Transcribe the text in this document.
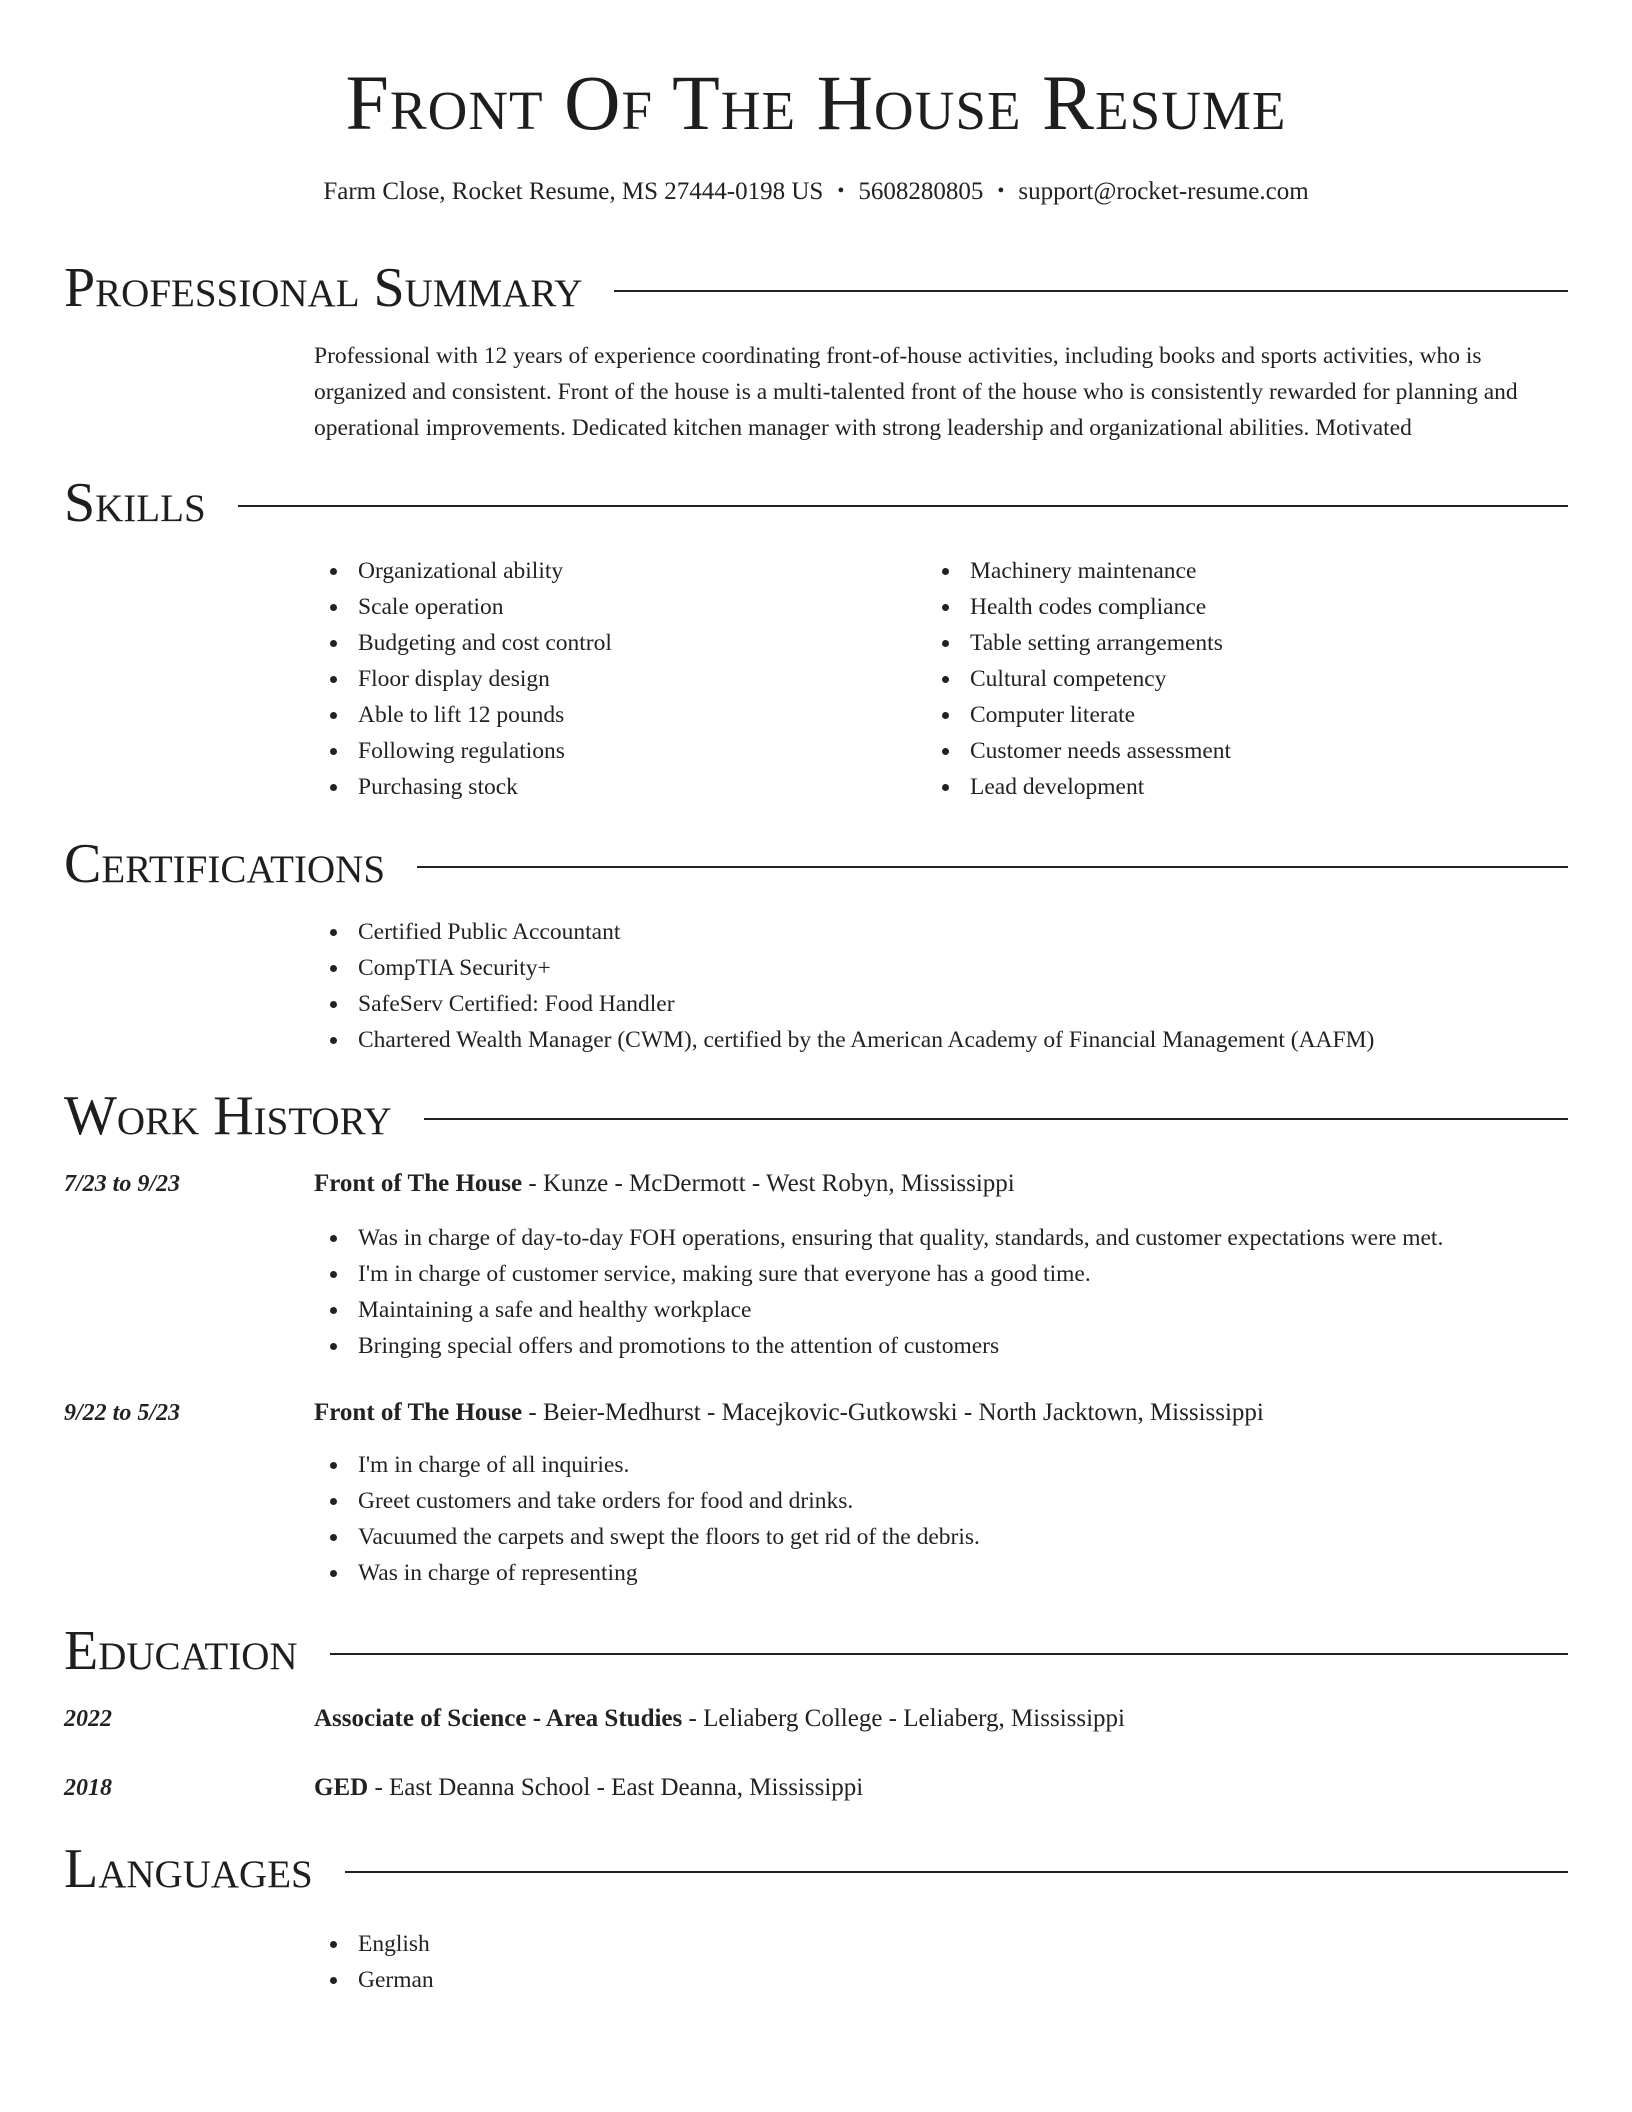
Front Of The House Resume
Farm Close, Rocket Resume, MS 27444-0198 US • 5608280805 • support@rocket-resume.com
Professional Summary

Professional with 12 years of experience coordinating front-of-house activities, including books and sports activities, who is organized and consistent. Front of the house is a multi-talented front of the house who is consistently rewarded for planning and operational improvements. Dedicated kitchen manager with strong leadership and organizational abilities. Motivated

Skills
Organizational ability
Scale operation
Budgeting and cost control
Floor display design
Able to lift 12 pounds
Following regulations
Purchasing stock
Machinery maintenance
Health codes compliance
Table setting arrangements
Cultural competency
Computer literate
Customer needs assessment
Lead development
Certifications
Certified Public Accountant
CompTIA Security+
SafeServ Certified: Food Handler
Chartered Wealth Manager (CWM), certified by the American Academy of Financial Management (AAFM)
Work History
7/23 to 9/23	Front of The House - Kunze - McDermott - West Robyn, Mississippi
Was in charge of day-to-day FOH operations, ensuring that quality, standards, and customer expectations were met.
I'm in charge of customer service, making sure that everyone has a good time.
Maintaining a safe and healthy workplace
Bringing special offers and promotions to the attention of customers
9/22 to 5/23	Front of The House - Beier-Medhurst - Macejkovic-Gutkowski - North Jacktown, Mississippi
I'm in charge of all inquiries.
Greet customers and take orders for food and drinks.
Vacuumed the carpets and swept the floors to get rid of the debris.
Was in charge of representing
Education
2022	Associate of Science - Area Studies - Leliaberg College - Leliaberg, Mississippi
2018	GED - East Deanna School - East Deanna, Mississippi
Languages
English
German
